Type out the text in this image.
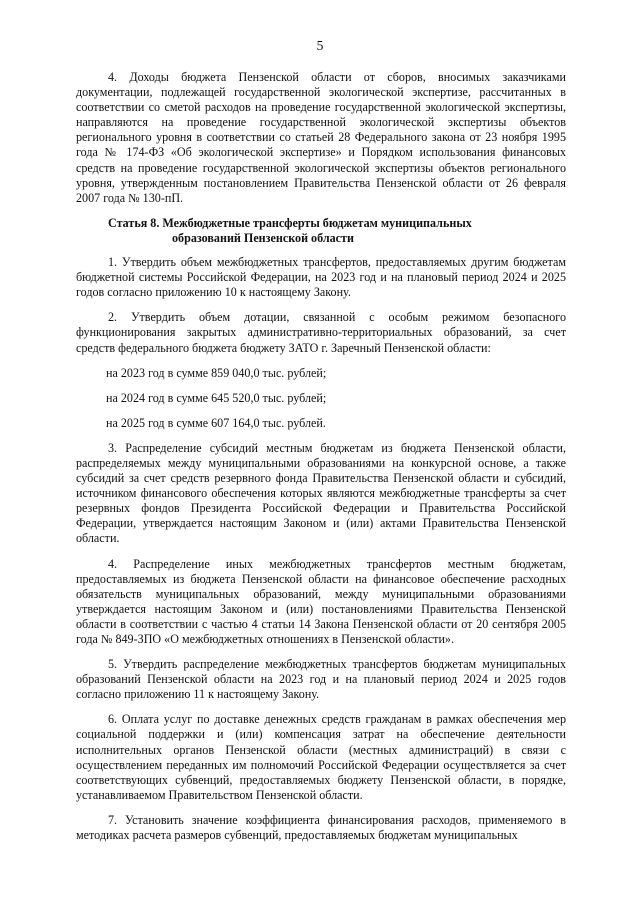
5

4. Доходы бюджета Пензенской области от сборов, вносимых заказчиками документации, подлежащей государственной экологической экспертизе, рассчитанных в соответствии со сметой расходов на проведение государственной экологической экспертизы, направляются на проведение государственной экологической экспертизы объектов регионального уровня в соответствии со статьей 28 Федерального закона от 23 ноября 1995 года № 174-ФЗ «Об экологической экспертизе» и Порядком использования финансовых средств на проведение государственной экологической экспертизы объектов регионального уровня, утвержденным постановлением Правительства Пензенской области от 26 февраля 2007 года № 130-пП.

Статья 8. Межбюджетные трансферты бюджетам муниципальных
образований Пензенской области

1. Утвердить объем межбюджетных трансфертов, предоставляемых другим бюджетам бюджетной системы Российской Федерации, на 2023 год и на плановый период 2024 и 2025 годов согласно приложению 10 к настоящему Закону.

2. Утвердить объем дотации, связанной с особым режимом безопасного функционирования закрытых административно-территориальных образований, за счет средств федерального бюджета бюджету ЗАТО г. Заречный Пензенской области:

на 2023 год в сумме 859 040,0 тыс. рублей;

на 2024 год в сумме 645 520,0 тыс. рублей;

на 2025 год в сумме 607 164,0 тыс. рублей.

3. Распределение субсидий местным бюджетам из бюджета Пензенской области, распределяемых между муниципальными образованиями на конкурсной основе, а также субсидий за счет средств резервного фонда Правительства Пензенской области и субсидий, источником финансового обеспечения которых являются межбюджетные трансферты за счет резервных фондов Президента Российской Федерации и Правительства Российской Федерации, утверждается настоящим Законом и (или) актами Правительства Пензенской области.

4. Распределение иных межбюджетных трансфертов местным бюджетам, предоставляемых из бюджета Пензенской области на финансовое обеспечение расходных обязательств муниципальных образований, между муниципальными образованиями утверждается настоящим Законом и (или) постановлениями Правительства Пензенской области в соответствии с частью 4 статьи 14 Закона Пензенской области от 20 сентября 2005 года № 849-ЗПО «О межбюджетных отношениях в Пензенской области».

5. Утвердить распределение межбюджетных трансфертов бюджетам муниципальных образований Пензенской области на 2023 год и на плановый период 2024 и 2025 годов согласно приложению 11 к настоящему Закону.

6. Оплата услуг по доставке денежных средств гражданам в рамках обеспечения мер социальной поддержки и (или) компенсация затрат на обеспечение деятельности исполнительных органов Пензенской области (местных администраций) в связи с осуществлением переданных им полномочий Российской Федерации осуществляется за счет соответствующих субвенций, предоставляемых бюджету Пензенской области, в порядке, устанавливаемом Правительством Пензенской области.

7. Установить значение коэффициента финансирования расходов, применяемого в методиках расчета размеров субвенций, предоставляемых бюджетам муниципальных
